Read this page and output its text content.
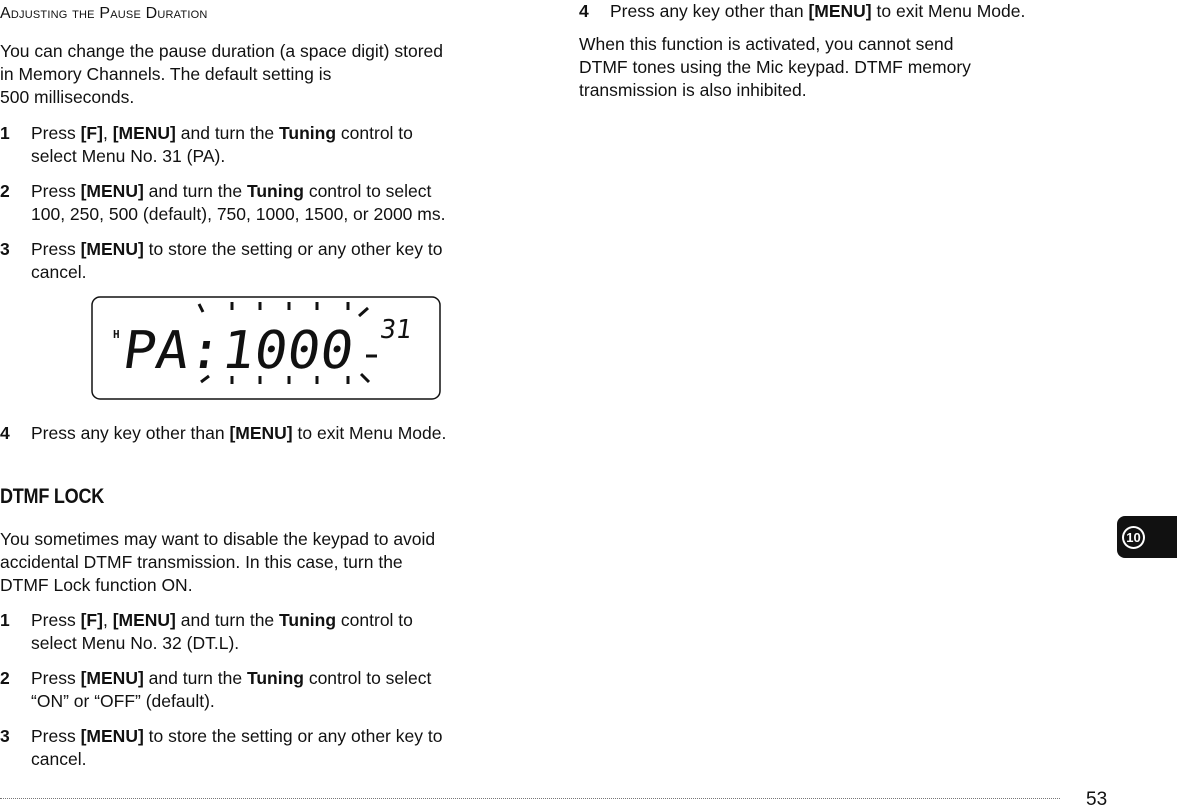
Adjusting the Pause Duration

You can change the pause duration (a space digit) stored
in Memory Channels. The default setting is
500 milliseconds.

1 Press [F], [MENU] and turn the Tuning control to
select Menu No. 31 (PA).
2 Press [MENU] and turn the Tuning control to select
100, 250, 500 (default), 750, 1000, 1500, or 2000 ms.
3 Press [MENU] to store the setting or any other key to
cancel.
H PA:1000	31
4 Press any key other than [MENU] to exit Menu Mode.
DTMF LOCK

You sometimes may want to disable the keypad to avoid
accidental DTMF transmission. In this case, turn the
DTMF Lock function ON.

1 Press [F], [MENU] and turn the Tuning control to
select Menu No. 32 (DT.L).
2 Press [MENU] and turn the Tuning control to select
“ON” or “OFF” (default).
3 Press [MENU] to store the setting or any other key to
cancel.
4 Press any key other than [MENU] to exit Menu Mode.

When this function is activated, you cannot send
DTMF tones using the Mic keypad. DTMF memory
transmission is also inhibited.

10
53
